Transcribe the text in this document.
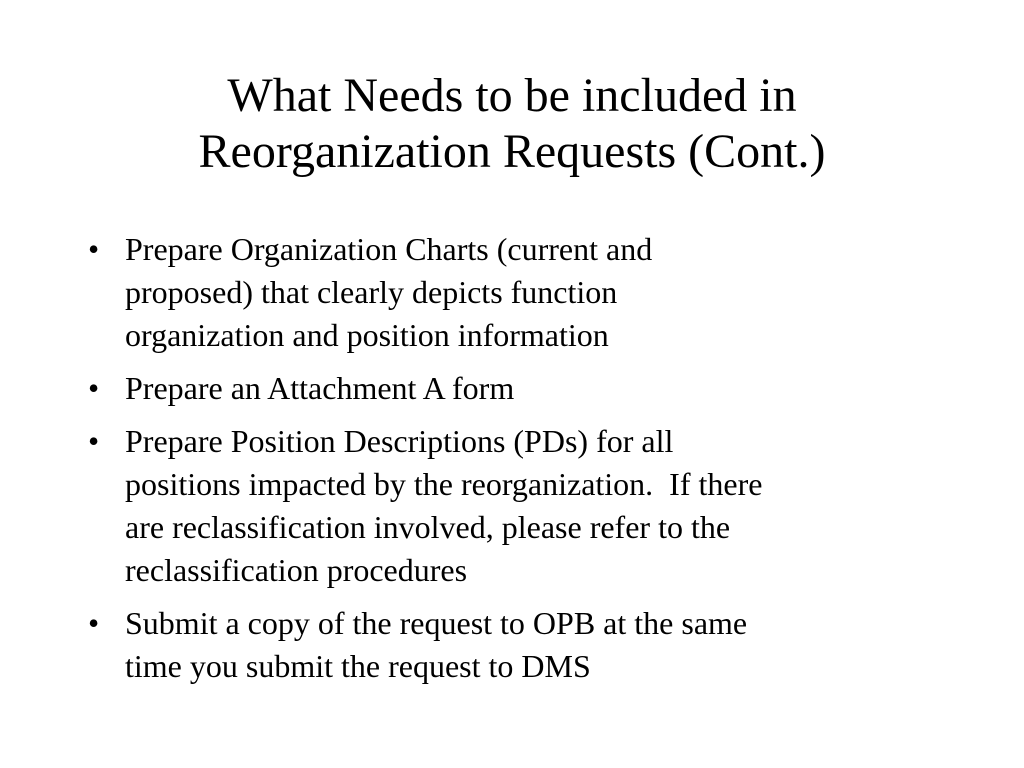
What Needs to be included in
Reorganization Requests (Cont.)
• Prepare Organization Charts (current and
proposed) that clearly depicts function
organization and position information
• Prepare an Attachment A form
• Prepare Position Descriptions (PDs) for all
positions impacted by the reorganization.  If there
are reclassification involved, please refer to the
reclassification procedures
• Submit a copy of the request to OPB at the same
time you submit the request to DMS
